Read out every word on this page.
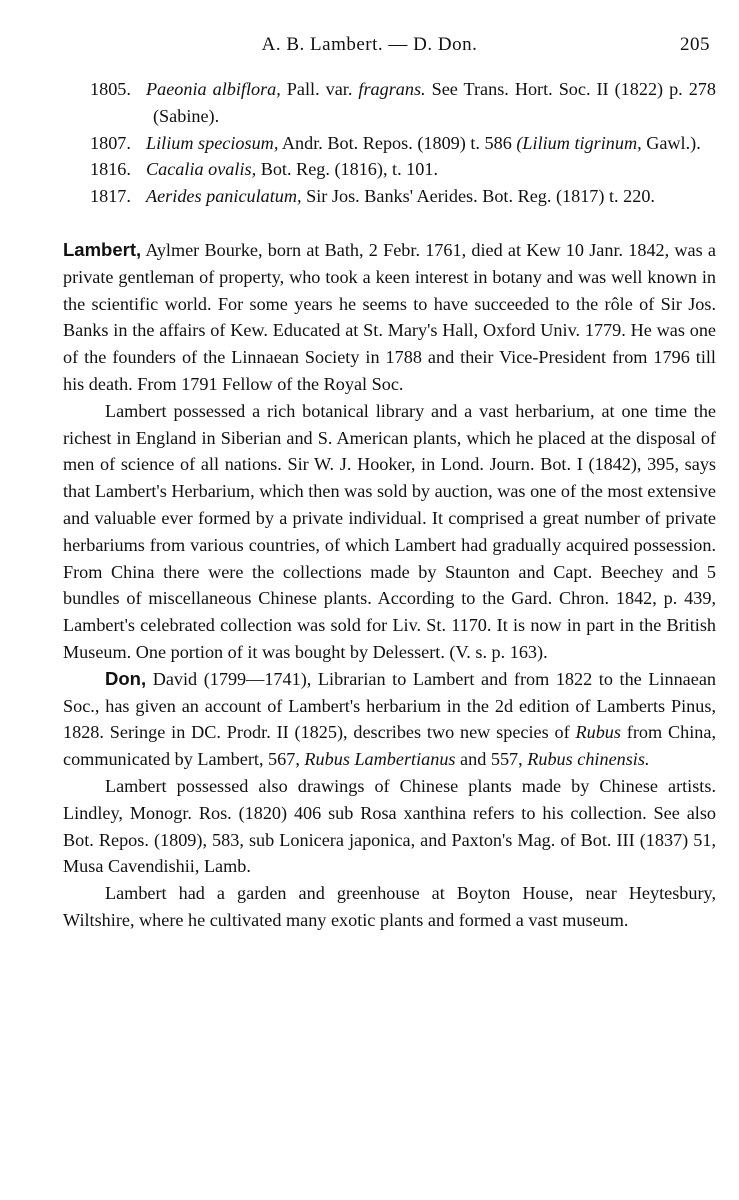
A. B. Lambert. — D. Don.	205

1805. Paeonia albiflora, Pall. var. fragrans. See Trans. Hort. Soc. II (1822) p. 278 (Sabine).

1807. Lilium speciosum, Andr. Bot. Repos. (1809) t. 586 (Lilium tigrinum, Gawl.).

1816. Cacalia ovalis, Bot. Reg. (1816), t. 101.

1817. Aerides paniculatum, Sir Jos. Banks' Aerides. Bot. Reg. (1817) t. 220.

Lambert, Aylmer Bourke, born at Bath, 2 Febr. 1761, died at Kew 10 Janr. 1842, was a private gentleman of property, who took a keen interest in botany and was well known in the scientific world. For some years he seems to have succeeded to the rôle of Sir Jos. Banks in the affairs of Kew. Educated at St. Mary's Hall, Oxford Univ. 1779. He was one of the founders of the Linnaean Society in 1788 and their Vice-President from 1796 till his death. From 1791 Fellow of the Royal Soc.

Lambert possessed a rich botanical library and a vast herbarium, at one time the richest in England in Siberian and S. American plants, which he placed at the disposal of men of science of all nations. Sir W. J. Hooker, in Lond. Journ. Bot. I (1842), 395, says that Lambert's Herbarium, which then was sold by auction, was one of the most extensive and valuable ever formed by a private individual. It comprised a great number of private herbariums from various countries, of which Lambert had gradually acquired possession. From China there were the collections made by Staunton and Capt. Beechey and 5 bundles of miscellaneous Chinese plants. According to the Gard. Chron. 1842, p. 439, Lambert's celebrated collection was sold for Liv. St. 1170. It is now in part in the British Museum. One portion of it was bought by Delessert. (V. s. p. 163).

Don, David (1799—1741), Librarian to Lambert and from 1822 to the Linnaean Soc., has given an account of Lambert's herbarium in the 2d edition of Lamberts Pinus, 1828. Seringe in DC. Prodr. II (1825), describes two new species of Rubus from China, communicated by Lambert, 567, Rubus Lambertianus and 557, Rubus chinensis.

Lambert possessed also drawings of Chinese plants made by Chinese artists. Lindley, Monogr. Ros. (1820) 406 sub Rosa xanthina refers to his collection. See also Bot. Repos. (1809), 583, sub Lonicera japonica, and Paxton's Mag. of Bot. III (1837) 51, Musa Cavendishii, Lamb.

Lambert had a garden and greenhouse at Boyton House, near Heytesbury, Wiltshire, where he cultivated many exotic plants and formed a vast museum.
